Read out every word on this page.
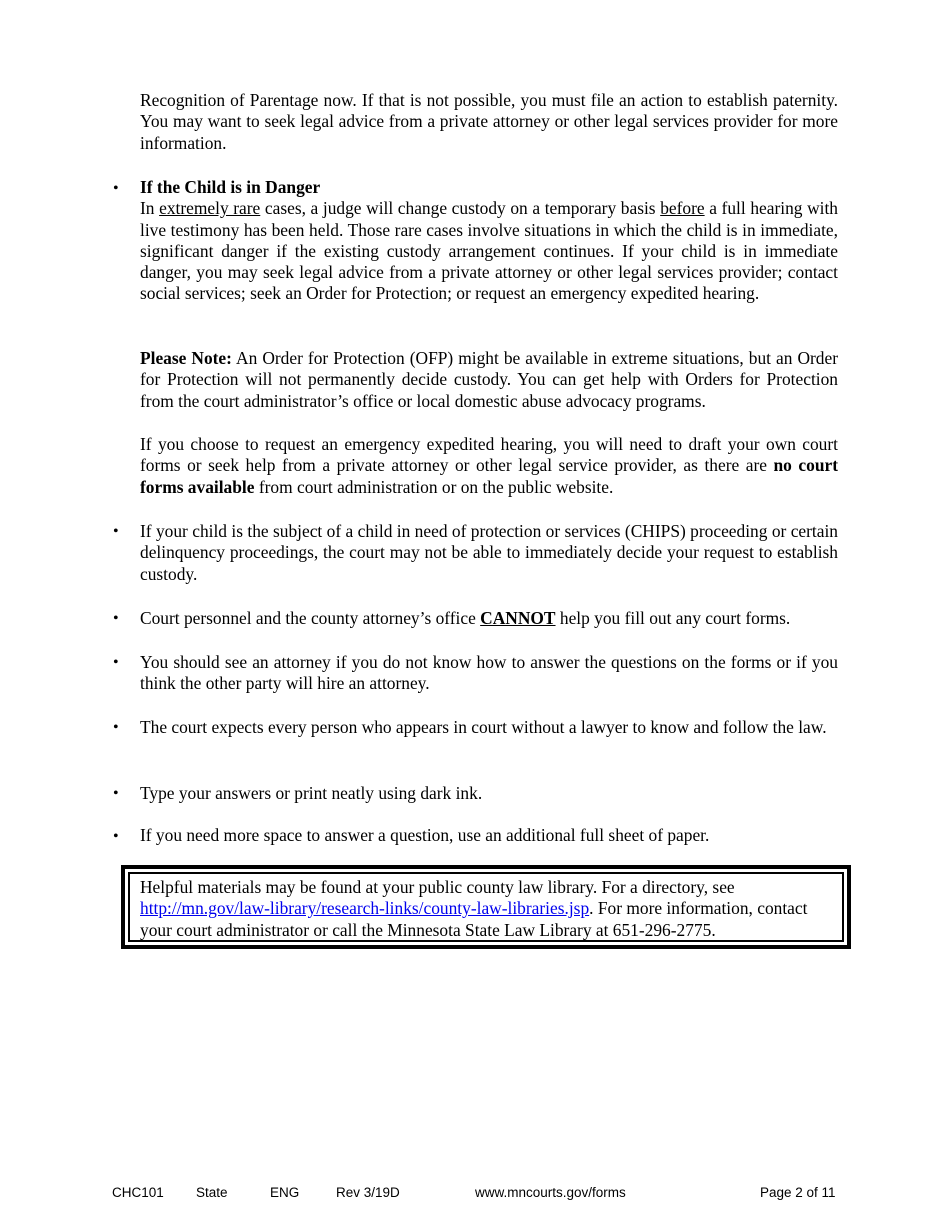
Recognition of Parentage now. If that is not possible, you must file an action to establish paternity. You may want to seek legal advice from a private attorney or other legal services provider for more information.
• If the Child is in Danger
In extremely rare cases, a judge will change custody on a temporary basis before a full hearing with live testimony has been held. Those rare cases involve situations in which the child is in immediate, significant danger if the existing custody arrangement continues. If your child is in immediate danger, you may seek legal advice from a private attorney or other legal services provider; contact social services; seek an Order for Protection; or request an emergency expedited hearing.
Please Note: An Order for Protection (OFP) might be available in extreme situations, but an Order for Protection will not permanently decide custody. You can get help with Orders for Protection from the court administrator’s office or local domestic abuse advocacy programs.
If you choose to request an emergency expedited hearing, you will need to draft your own court forms or seek help from a private attorney or other legal service provider, as there are no court forms available from court administration or on the public website.
• If your child is the subject of a child in need of protection or services (CHIPS) proceeding or certain delinquency proceedings, the court may not be able to immediately decide your request to establish custody.
• Court personnel and the county attorney’s office CANNOT help you fill out any court forms.
• You should see an attorney if you do not know how to answer the questions on the forms or if you think the other party will hire an attorney.
• The court expects every person who appears in court without a lawyer to know and follow the law.
• Type your answers or print neatly using dark ink.
• If you need more space to answer a question, use an additional full sheet of paper.
Helpful materials may be found at your public county law library. For a directory, see http://mn.gov/law-library/research-links/county-law-libraries.jsp. For more information, contact your court administrator or call the Minnesota State Law Library at 651-296-2775.
CHC101 State	ENG	Rev 3/19D	www.mncourts.gov/forms	Page 2 of 11
